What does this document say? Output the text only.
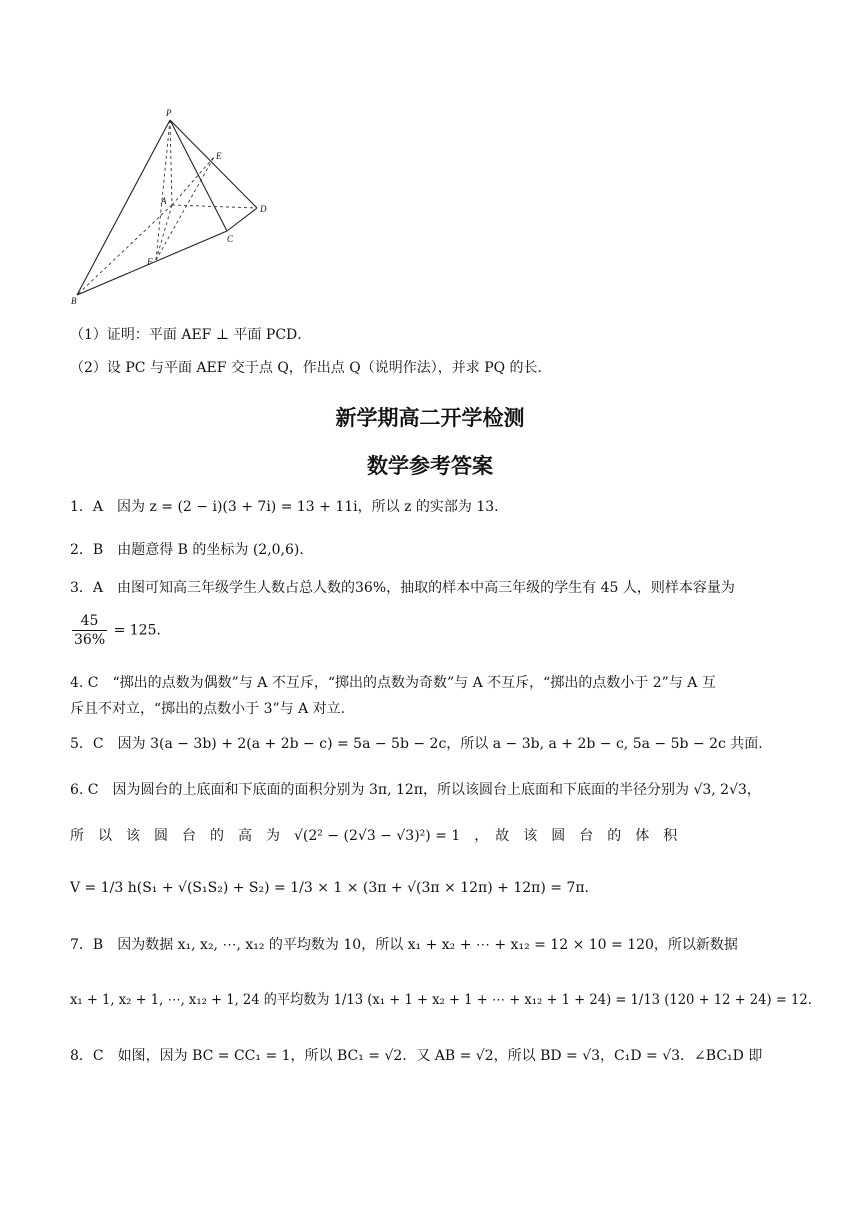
P
E
A
D
C
F
B
（1）证明：平面 AEF ⊥ 平面 PCD．
（2）设 PC 与平面 AEF 交于点 Q，作出点 Q（说明作法），并求 PQ 的长．
新学期高二开学检测
数学参考答案
1．A　因为 z = (2 − i)(3 + 7i) = 13 + 11i，所以 z 的实部为 13.
2．B　由题意得 B 的坐标为 (2,0,6)．
3．A　由图可知高三年级学生人数占总人数的36%，抽取的样本中高三年级的学生有 45 人，则样本容量为
$\frac{45}{36\%} = 125$．
4. C　“掷出的点数为偶数”与 A 不互斥，“掷出的点数为奇数”与 A 不互斥，“掷出的点数小于 2”与 A 互
斥且不对立，“掷出的点数小于 3”与 A 对立.
5．C　因为 3(a − 3b) + 2(a + 2b − c) = 5a − 5b − 2c，所以 a − 3b, a + 2b − c, 5a − 5b − 2c 共面.
6. C　因为圆台的上底面和下底面的面积分别为 3π, 12π，所以该圆台上底面和下底面的半径分别为 √3, 2√3，
所　以　该　圆　台　的　高　为　√(2² − (2√3 − √3)²) = 1　，　故　该　圆　台　的　体　积
V = 1/3 h(S₁ + √(S₁S₂) + S₂) = 1/3 × 1 × (3π + √(3π × 12π) + 12π) = 7π．
7．B　因为数据 x₁, x₂, ⋯, x₁₂ 的平均数为 10，所以 x₁ + x₂ + ⋯ + x₁₂ = 12 × 10 = 120，所以新数据
x₁ + 1, x₂ + 1, ⋯, x₁₂ + 1, 24 的平均数为 1/13 (x₁ + 1 + x₂ + 1 + ⋯ + x₁₂ + 1 + 24) = 1/13 (120 + 12 + 24) = 12．
8．C　如图，因为 BC = CC₁ = 1，所以 BC₁ = √2．又 AB = √2，所以 BD = √3，C₁D = √3．∠BC₁D 即
